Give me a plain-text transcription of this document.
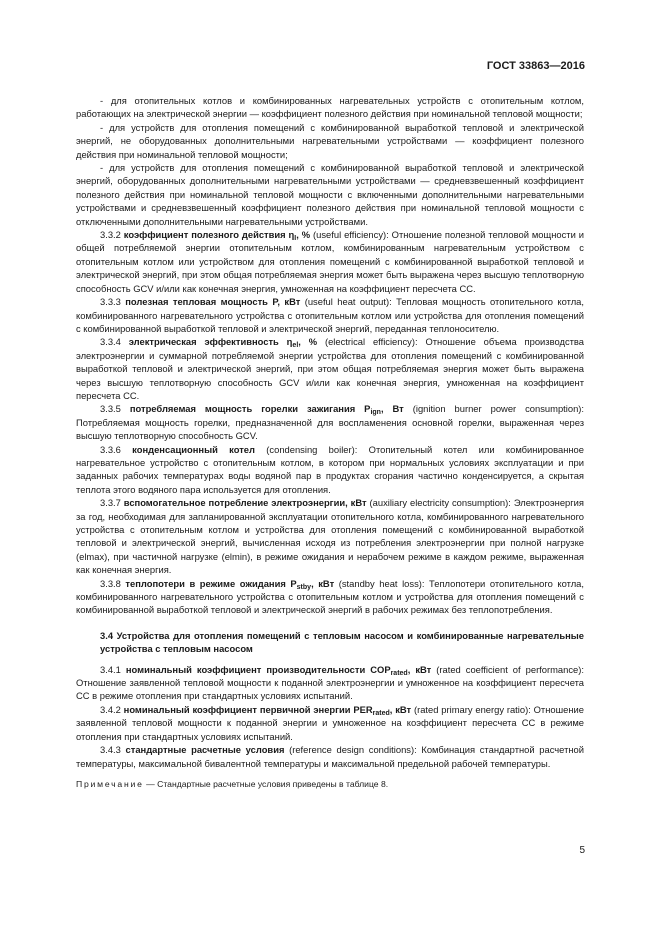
ГОСТ 33863—2016

- для отопительных котлов и комбинированных нагревательных устройств с отопительным котлом, работающих на электрической энергии — коэффициент полезного действия при номинальной тепловой мощности;

- для устройств для отопления помещений с комбинированной выработкой тепловой и электрической энергий, не оборудованных дополнительными нагревательными устройствами — коэффициент полезного действия при номинальной тепловой мощности;

- для устройств для отопления помещений с комбинированной выработкой тепловой и электрической энергий, оборудованных дополнительными нагревательными устройствами — средневзвешенный коэффициент полезного действия при номинальной тепловой мощности с включенными дополнительными нагревательными устройствами и средневзвешенный коэффициент полезного действия при номинальной тепловой мощности с отключенными дополнительными нагревательными устройствами.

3.3.2 коэффициент полезного действия $\eta_I$, % (useful efficiency): Отношение полезной тепловой мощности и общей потребляемой энергии отопительным котлом, комбинированным нагревательным устройством с отопительным котлом или устройством для отопления помещений с комбинированной выработкой тепловой и электрической энергий, при этом общая потребляемая энергия может быть выражена через высшую теплотворную способность GCV и/или как конечная энергия, умноженная на коэффициент пересчета СС.

3.3.3 полезная тепловая мощность P, кВт (useful heat output): Тепловая мощность отопительного котла, комбинированного нагревательного устройства с отопительным котлом или устройства для отопления помещений с комбинированной выработкой тепловой и электрической энергий, переданная теплоносителю.

3.3.4 электрическая эффективность $\eta_{el}$, % (electrical efficiency): Отношение объема производства электроэнергии и суммарной потребляемой энергии устройства для отопления помещений с комбинированной выработкой тепловой и электрической энергий, при этом общая потребляемая энергия может быть выражена через высшую теплотворную способность GCV и/или как конечная энергия, умноженная на коэффициент пересчета СС.

3.3.5 потребляемая мощность горелки зажигания $P_{ign}$, Вт (ignition burner power consumption): Потребляемая мощность горелки, предназначенной для воспламенения основной горелки, выраженная через высшую теплотворную способность GCV.

3.3.6 конденсационный котел (condensing boiler): Отопительный котел или комбинированное нагревательное устройство с отопительным котлом, в котором при нормальных условиях эксплуатации и при заданных рабочих температурах воды водяной пар в продуктах сгорания частично конденсируется, а скрытая теплота этого водяного пара используется для отопления.

3.3.7 вспомогательное потребление электроэнергии, кВт (auxiliary electricity consumption): Электроэнергия за год, необходимая для запланированной эксплуатации отопительного котла, комбинированного нагревательного устройства с отопительным котлом и устройства для отопления помещений с комбинированной выработкой тепловой и электрической энергий, вычисленная исходя из потребления электроэнергии при полной нагрузке (elmax), при частичной нагрузке (elmin), в режиме ожидания и нерабочем режиме в каждом режиме, выраженная как конечная энергия.

3.3.8 теплопотери в режиме ожидания $P_{stby}$, кВт (standby heat loss): Теплопотери отопительного котла, комбинированного нагревательного устройства с отопительным котлом и устройства для отопления помещений с комбинированной выработкой тепловой и электрической энергий в рабочих режимах без теплопотребления.

3.4 Устройства для отопления помещений с тепловым насосом и комбинированные нагревательные устройства с тепловым насосом

3.4.1 номинальный коэффициент производительности $COP_{rated}$, кВт (rated coefficient of performance): Отношение заявленной тепловой мощности к поданной электроэнергии и умноженное на коэффициент пересчета СС в режиме отопления при стандартных условиях испытаний.

3.4.2 номинальный коэффициент первичной энергии $PER_{rated}$, кВт (rated primary energy ratio): Отношение заявленной тепловой мощности к поданной энергии и умноженное на коэффициент пересчета СС в режиме отопления при стандартных условиях испытаний.

3.4.3 стандартные расчетные условия (reference design conditions): Комбинация стандартной расчетной температуры, максимальной бивалентной температуры и максимальной предельной рабочей температуры.

Примечание — Стандартные расчетные условия приведены в таблице 8.

5
